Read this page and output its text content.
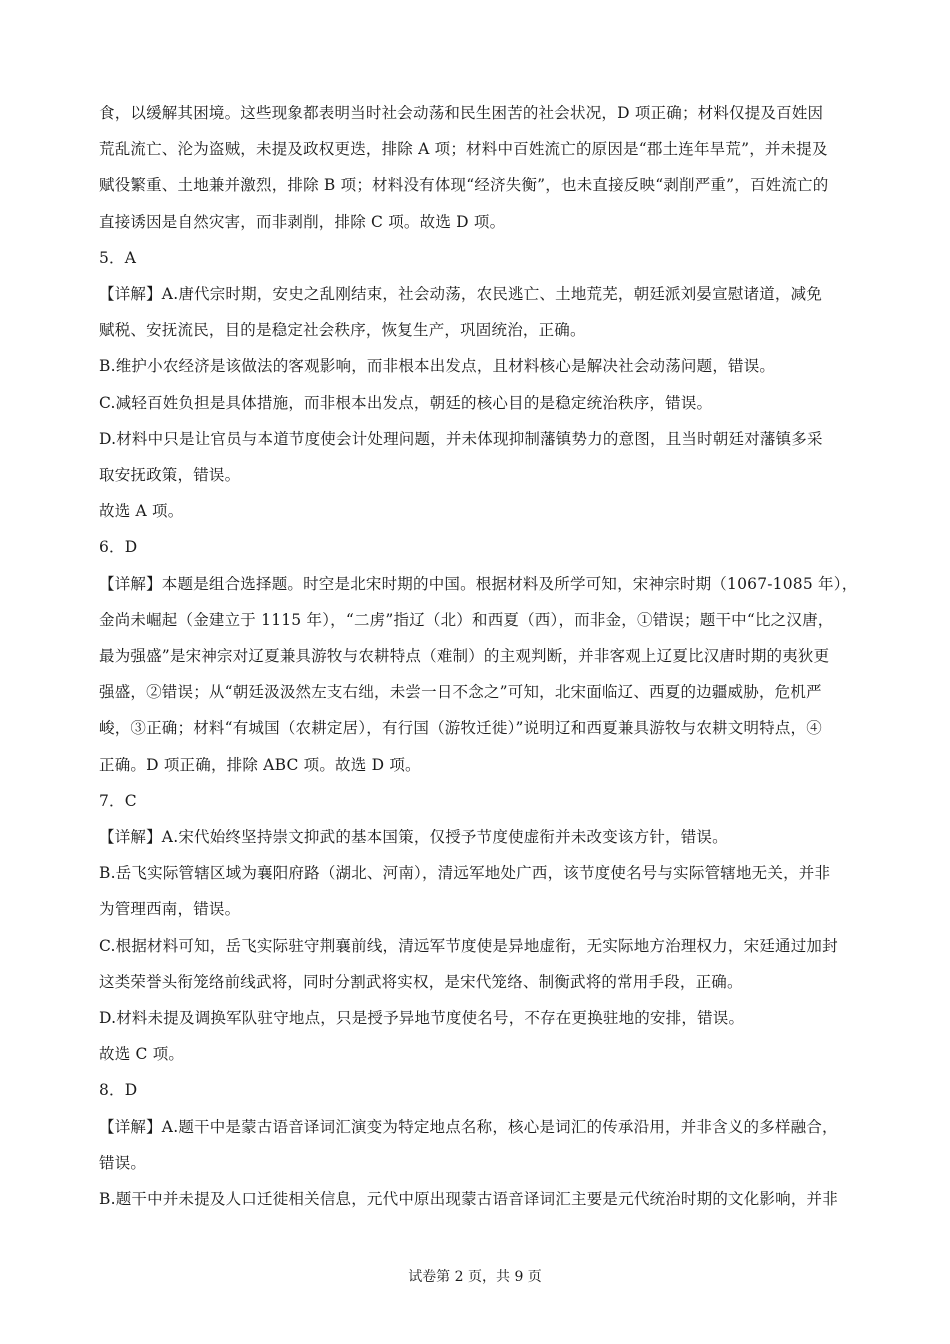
食，以缓解其困境。这些现象都表明当时社会动荡和民生困苦的社会状况，D 项正确；材料仅提及百姓因
荒乱流亡、沦为盗贼，未提及政权更迭，排除 A 项；材料中百姓流亡的原因是“郡土连年旱荒”，并未提及
赋役繁重、土地兼并激烈，排除 B 项；材料没有体现“经济失衡”，也未直接反映“剥削严重”，百姓流亡的
直接诱因是自然灾害，而非剥削，排除 C 项。故选 D 项。
5．A
【详解】A.唐代宗时期，安史之乱刚结束，社会动荡，农民逃亡、土地荒芜，朝廷派刘晏宣慰诸道，减免
赋税、安抚流民，目的是稳定社会秩序，恢复生产，巩固统治，正确。
B.维护小农经济是该做法的客观影响，而非根本出发点，且材料核心是解决社会动荡问题，错误。
C.减轻百姓负担是具体措施，而非根本出发点，朝廷的核心目的是稳定统治秩序，错误。
D.材料中只是让官员与本道节度使会计处理问题，并未体现抑制藩镇势力的意图，且当时朝廷对藩镇多采
取安抚政策，错误。
故选 A 项。
6．D
【详解】本题是组合选择题。时空是北宋时期的中国。根据材料及所学可知，宋神宗时期（1067-1085 年），
金尚未崛起（金建立于 1115 年），“二虏”指辽（北）和西夏（西），而非金，①错误；题干中“比之汉唐，
最为强盛”是宋神宗对辽夏兼具游牧与农耕特点（难制）的主观判断，并非客观上辽夏比汉唐时期的夷狄更
强盛，②错误；从“朝廷汲汲然左支右绌，未尝一日不念之”可知，北宋面临辽、西夏的边疆威胁，危机严
峻，③正确；材料“有城国（农耕定居），有行国（游牧迁徙）”说明辽和西夏兼具游牧与农耕文明特点，④
正确。D 项正确，排除 ABC 项。故选 D 项。
7．C
【详解】A.宋代始终坚持崇文抑武的基本国策，仅授予节度使虚衔并未改变该方针，错误。
B.岳飞实际管辖区域为襄阳府路（湖北、河南），清远军地处广西，该节度使名号与实际管辖地无关，并非
为管理西南，错误。
C.根据材料可知，岳飞实际驻守荆襄前线，清远军节度使是异地虚衔，无实际地方治理权力，宋廷通过加封
这类荣誉头衔笼络前线武将，同时分割武将实权，是宋代笼络、制衡武将的常用手段，正确。
D.材料未提及调换军队驻守地点，只是授予异地节度使名号，不存在更换驻地的安排，错误。
故选 C 项。
8．D
【详解】A.题干中是蒙古语音译词汇演变为特定地点名称，核心是词汇的传承沿用，并非含义的多样融合，
错误。
B.题干中并未提及人口迁徙相关信息，元代中原出现蒙古语音译词汇主要是元代统治时期的文化影响，并非
试卷第 2 页，共 9 页
